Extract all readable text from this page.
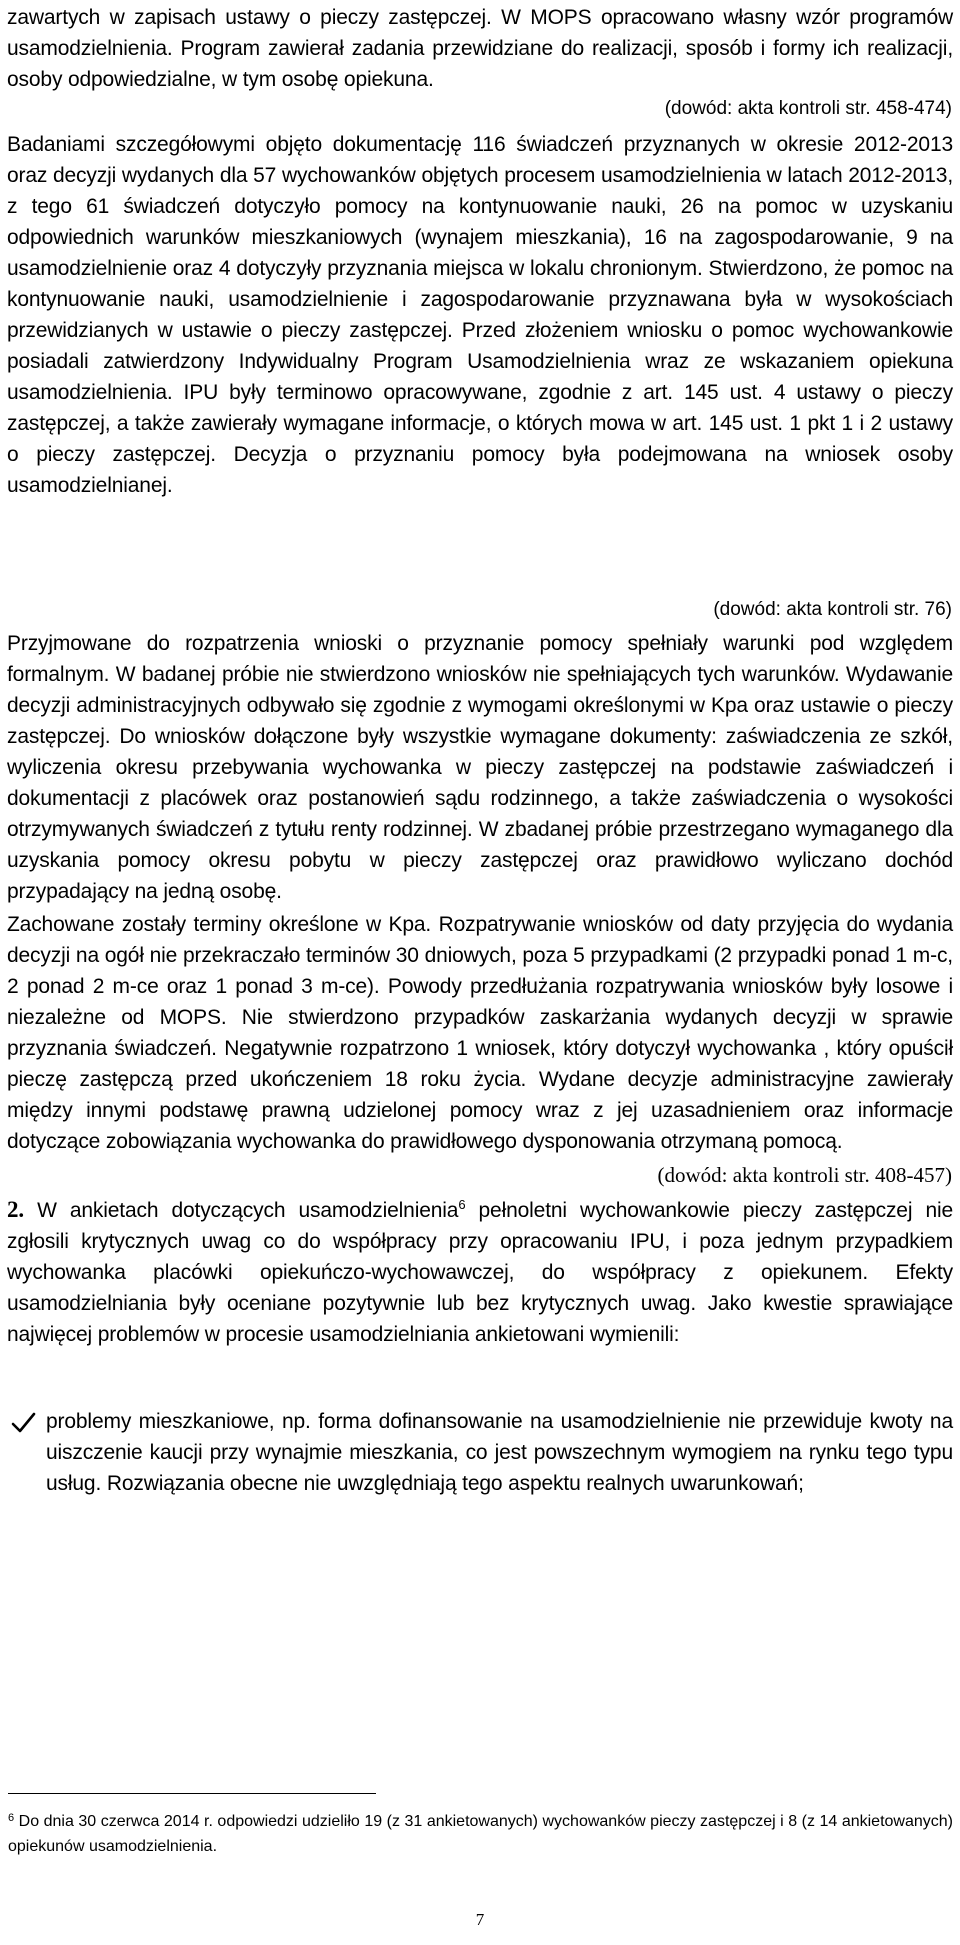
zawartych w zapisach ustawy o pieczy zastępczej. W MOPS opracowano własny wzór programów usamodzielnienia. Program zawierał zadania przewidziane do realizacji, sposób i formy ich realizacji, osoby odpowiedzialne, w tym osobę opiekuna.
(dowód: akta kontroli str. 458-474)
Badaniami szczegółowymi objęto dokumentację 116 świadczeń przyznanych w okresie 2012-2013 oraz decyzji wydanych dla 57 wychowanków objętych procesem usamodzielnienia w latach 2012-2013, z tego 61 świadczeń dotyczyło pomocy na kontynuowanie nauki, 26 na pomoc w uzyskaniu odpowiednich warunków mieszkaniowych (wynajem mieszkania), 16 na zagospodarowanie, 9 na usamodzielnienie oraz 4 dotyczyły przyznania miejsca w lokalu chronionym. Stwierdzono, że pomoc na kontynuowanie nauki, usamodzielnienie i zagospodarowanie przyznawana była w wysokościach przewidzianych w ustawie o pieczy zastępczej. Przed złożeniem wniosku o pomoc wychowankowie posiadali zatwierdzony Indywidualny Program Usamodzielnienia wraz ze wskazaniem opiekuna usamodzielnienia. IPU były terminowo opracowywane, zgodnie z art. 145 ust. 4 ustawy o pieczy zastępczej, a także zawierały wymagane informacje, o których mowa w art. 145 ust. 1 pkt 1 i 2 ustawy o pieczy zastępczej. Decyzja o przyznaniu pomocy była podejmowana na wniosek osoby usamodzielnianej.
(dowód: akta kontroli str. 76)
Przyjmowane do rozpatrzenia wnioski o przyznanie pomocy spełniały warunki pod względem formalnym. W badanej próbie nie stwierdzono wniosków nie spełniających tych warunków. Wydawanie decyzji administracyjnych odbywało się zgodnie z wymogami określonymi w Kpa oraz ustawie o pieczy zastępczej. Do wniosków dołączone były wszystkie wymagane dokumenty: zaświadczenia ze szkół, wyliczenia okresu przebywania wychowanka w pieczy zastępczej na podstawie zaświadczeń i dokumentacji z placówek oraz postanowień sądu rodzinnego, a także zaświadczenia o wysokości otrzymywanych świadczeń z tytułu renty rodzinnej. W zbadanej próbie przestrzegano wymaganego dla uzyskania pomocy okresu pobytu w pieczy zastępczej oraz prawidłowo wyliczano dochód przypadający na jedną osobę.
Zachowane zostały terminy określone w Kpa. Rozpatrywanie wniosków od daty przyjęcia do wydania decyzji na ogół nie przekraczało terminów 30 dniowych, poza 5 przypadkami (2 przypadki ponad 1 m-c, 2 ponad 2 m-ce oraz 1 ponad 3 m-ce). Powody przedłużania rozpatrywania wniosków były losowe i niezależne od MOPS. Nie stwierdzono przypadków zaskarżania wydanych decyzji w sprawie przyznania świadczeń. Negatywnie rozpatrzono 1 wniosek, który dotyczył wychowanka , który opuścił pieczę zastępczą przed ukończeniem 18 roku życia. Wydane decyzje administracyjne zawierały między innymi podstawę prawną udzielonej pomocy wraz z jej uzasadnieniem oraz informacje dotyczące zobowiązania wychowanka do prawidłowego dysponowania otrzymaną pomocą.
(dowód: akta kontroli str. 408-457)
2. W ankietach dotyczących usamodzielnienia$^6$ pełnoletni wychowankowie pieczy zastępczej nie zgłosili krytycznych uwag co do współpracy przy opracowaniu IPU, i poza jednym przypadkiem wychowanka placówki opiekuńczo-wychowawczej, do współpracy z opiekunem. Efekty usamodzielniania były oceniane pozytywnie lub bez krytycznych uwag. Jako kwestie sprawiające najwięcej problemów w procesie usamodzielniania ankietowani wymienili:
problemy mieszkaniowe, np. forma dofinansowanie na usamodzielnienie nie przewiduje kwoty na uiszczenie kaucji przy wynajmie mieszkania, co jest powszechnym wymogiem na rynku tego typu usług. Rozwiązania obecne nie uwzględniają tego aspektu realnych uwarunkowań;
$^6$ Do dnia 30 czerwca 2014 r. odpowiedzi udzieliło 19 (z 31 ankietowanych) wychowanków pieczy zastępczej i 8 (z 14 ankietowanych) opiekunów usamodzielnienia.
7
